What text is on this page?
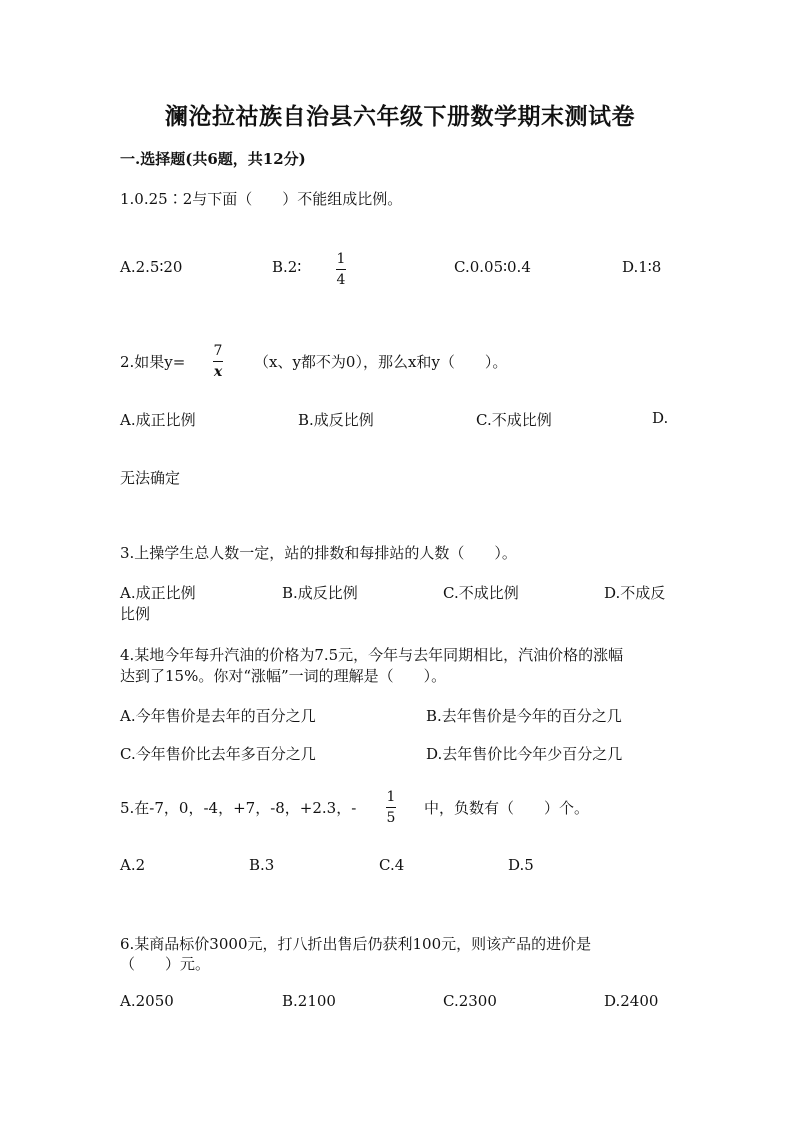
澜沧拉祜族自治县六年级下册数学期末测试卷
一.选择题(共6题，共12分)
1.0.25∶2与下面（　　）不能组成比例。
A.2.5∶20	B.2∶	1
4
C.0.05∶0.4	D.1∶8
2.如果y=
7
x
（x、y都不为0），那么x和y（　　）。
A.成正比例	B.成反比例	C.不成比例	D.
无法确定
3.上操学生总人数一定，站的排数和每排站的人数（　　）。
A.成正比例	B.成反比例	C.不成比例	D.不成反
比例
4.某地今年每升汽油的价格为7.5元，今年与去年同期相比，汽油价格的涨幅
达到了15%。你对“涨幅”一词的理解是（　　）。
A.今年售价是去年的百分之几	B.去年售价是今年的百分之几
C.今年售价比去年多百分之几	D.去年售价比今年少百分之几
5.在-7，0，-4，+7，-8，+2.3，-
1
5
中，负数有（　　）个。
A.2	B.3	C.4	D.5
6.某商品标价3000元，打八折出售后仍获利100元，则该产品的进价是
（　　）元。
A.2050	B.2100	C.2300	D.2400
